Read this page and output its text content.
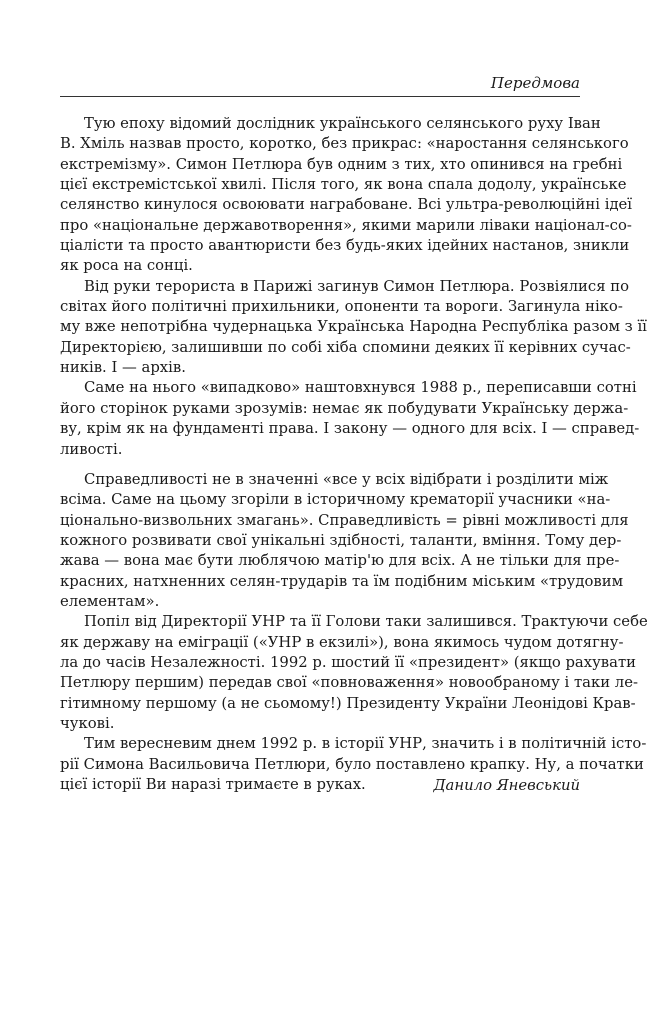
Передмова
Тую епоху відомий дослідник українського селянського руху Іван
В. Хміль назвав просто, коротко, без прикрас: «наростання селянського
екстремізму». Симон Петлюра був одним з тих, хто опинився на гребні
цієї екстремістської хвилі. Після того, як вона спала додолу, українське
селянство кинулося освоювати награбоване. Всі ультра-революційні ідеї
про «національне державотворення», якими марили ліваки націонал-со-
ціалісти та просто авантюристи без будь-яких ідейних настанов, зникли
як роса на сонці.
Від руки терориста в Парижі загинув Симон Петлюра. Розвіялися по
світах його політичні прихильники, опоненти та вороги. Загинула ніко-
му вже непотрібна чудернацька Українська Народна Республіка разом з її
Директорією, залишивши по собі хіба спомини деяких її керівних сучас-
ників. І — архів.
Саме на нього «випадково» наштовхнувся 1988 р., переписавши сотні
його сторінок руками зрозумів: немає як побудувати Українську держа-
ву, крім як на фундаменті права. І закону — одного для всіх. І — справед-
ливості.
Справедливості не в значенні «все у всіх відібрати і розділити між
всіма. Саме на цьому згоріли в історичному крематорії учасники «на-
ціонально-визвольних змагань». Справедливість = рівні можливості для
кожного розвивати свої унікальні здібності, таланти, вміння. Тому дер-
жава — вона має бути люблячою матір'ю для всіх. А не тільки для пре-
красних, натхненних селян-трударів та їм подібним міським «трудовим
елементам».
Попіл від Директорії УНР та її Голови таки залишився. Трактуючи себе
як державу на еміграції («УНР в екзилі»), вона якимось чудом дотягну-
ла до часів Незалежності. 1992 р. шостий її «президент» (якщо рахувати
Петлюру першим) передав свої «повноваження» новообраному і таки ле-
гітимному першому (а не сьомому!) Президенту України Леонідові Крав-
чукові.
Тим вересневим днем 1992 р. в історії УНР, значить і в політичній істо-
рії Симона Васильовича Петлюри, було поставлено крапку. Ну, а початки
цієї історії Ви наразі тримаєте в руках.	Данило Яневський
